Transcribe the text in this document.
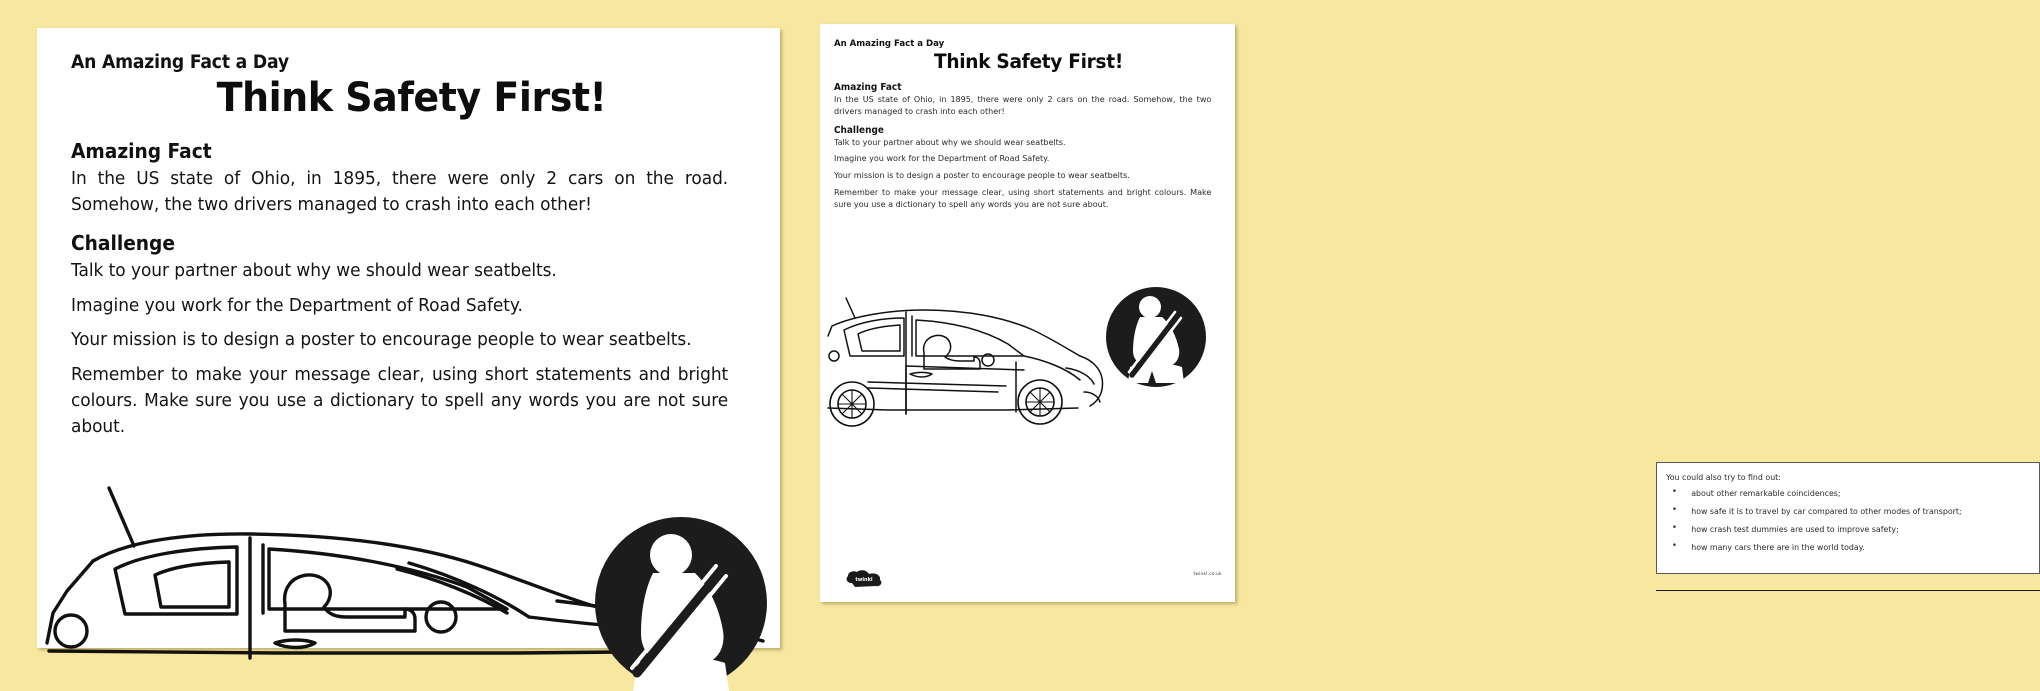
An Amazing Fact a Day
Think Safety First!
Amazing Fact

In the US state of Ohio, in 1895, there were only 2 cars on the road. Somehow, the two drivers managed to crash into each other!

Challenge

Talk to your partner about why we should wear seatbelts.

Imagine you work for the Department of Road Safety.

Your mission is to design a poster to encourage people to wear seatbelts.

Remember to make your message clear, using short statements and bright colours. Make sure you use a dictionary to spell any words you are not sure about.

An Amazing Fact a Day
Think Safety First!
Amazing Fact

In the US state of Ohio, in 1895, there were only 2 cars on the road. Somehow, the two drivers managed to crash into each other!

Challenge

Talk to your partner about why we should wear seatbelts.

Imagine you work for the Department of Road Safety.

Your mission is to design a poster to encourage people to wear seatbelts.

Remember to make your message clear, using short statements and bright colours. Make sure you use a dictionary to spell any words you are not sure about.

You could also try to find out:
• about other remarkable coincidences;
• how safe it is to travel by car compared to other modes of transport;
• how crash test dummies are used to improve safety;
• how many cars there are in the world today.
twinkl
twinkl.co.uk
